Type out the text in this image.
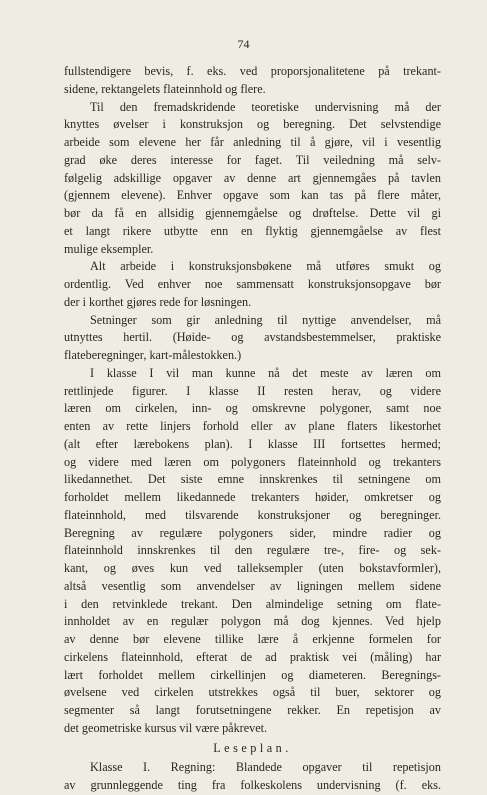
74
fullstendigere bevis, f. eks. ved proporsjonalitetene på trekant-
sidene, rektangelets flateinnhold og flere.
Til den fremadskridende teoretiske undervisning må der
knyttes øvelser i konstruksjon og beregning. Det selvstendige
arbeide som elevene her får anledning til å gjøre, vil i vesentlig
grad øke deres interesse for faget. Til veiledning må selv-
følgelig adskillige opgaver av denne art gjennemgåes på tavlen
(gjennem elevene). Enhver opgave som kan tas på flere måter,
bør da få en allsidig gjennemgåelse og drøftelse. Dette vil gi
et langt rikere utbytte enn en flyktig gjennemgåelse av flest
mulige eksempler.
Alt arbeide i konstruksjonsbøkene må utføres smukt og
ordentlig. Ved enhver noe sammensatt konstruksjonsopgave bør
der i korthet gjøres rede for løsningen.
Setninger som gir anledning til nyttige anvendelser, må
utnyttes hertil. (Høide- og avstandsbestemmelser, praktiske
flateberegninger, kart-målestokken.)
I klasse I vil man kunne nå det meste av læren om
rettlinjede figurer. I klasse II resten herav, og videre
læren om cirkelen, inn- og omskrevne polygoner, samt noe
enten av rette linjers forhold eller av plane flaters likestorhet
(alt efter lærebokens plan). I klasse III fortsettes hermed;
og videre med læren om polygoners flateinnhold og trekanters
likedannethet. Det siste emne innskrenkes til setningene om
forholdet mellem likedannede trekanters høider, omkretser og
flateinnhold, med tilsvarende konstruksjoner og beregninger.
Beregning av regulære polygoners sider, mindre radier og
flateinnhold innskrenkes til den regulære tre-, fire- og sek-
kant, og øves kun ved talleksempler (uten bokstavformler),
altså vesentlig som anvendelser av ligningen mellem sidene
i den retvinklede trekant. Den almindelige setning om flate-
innholdet av en regulær polygon må dog kjennes. Ved hjelp
av denne bør elevene tillike lære å erkjenne formelen for
cirkelens flateinnhold, efterat de ad praktisk vei (måling) har
lært forholdet mellem cirkellinjen og diameteren. Beregnings-
øvelsene ved cirkelen utstrekkes også til buer, sektorer og
segmenter så langt forutsetningene rekker. En repetisjon av
det geometriske kursus vil være påkrevet.
Leseplan.
Klasse I. Regning: Blandede opgaver til repetisjon
av grunnleggende ting fra folkeskolens undervisning (f. eks.
